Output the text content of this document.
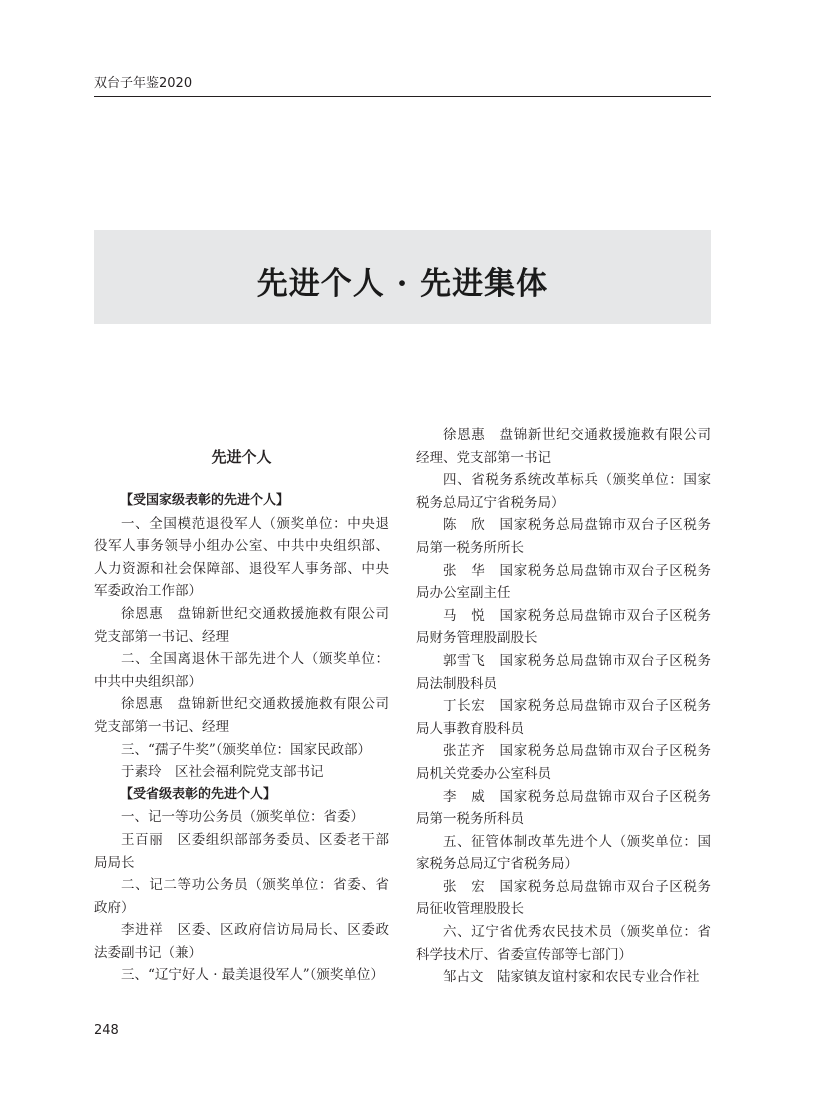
双台子年鉴2020
先进个人 · 先进集体
先进个人

【受国家级表彰的先进个人】

一、全国模范退役军人（颁奖单位：中央退役军人事务领导小组办公室、中共中央组织部、人力资源和社会保障部、退役军人事务部、中央军委政治工作部）

徐恩惠　盘锦新世纪交通救援施救有限公司党支部第一书记、经理

二、全国离退休干部先进个人（颁奖单位：中共中央组织部）

徐恩惠　盘锦新世纪交通救援施救有限公司党支部第一书记、经理

三、“孺子牛奖”（颁奖单位：国家民政部）

于素玲　区社会福利院党支部书记

【受省级表彰的先进个人】

一、记一等功公务员（颁奖单位：省委）

王百丽　区委组织部部务委员、区委老干部局局长

二、记二等功公务员（颁奖单位：省委、省政府）

李进祥　区委、区政府信访局局长、区委政法委副书记（兼）

三、“辽宁好人 · 最美退役军人”（颁奖单位）

徐恩惠　盘锦新世纪交通救援施救有限公司经理、党支部第一书记

四、省税务系统改革标兵（颁奖单位：国家税务总局辽宁省税务局）

陈　欣　国家税务总局盘锦市双台子区税务局第一税务所所长

张　华　国家税务总局盘锦市双台子区税务局办公室副主任

马　悦　国家税务总局盘锦市双台子区税务局财务管理股副股长

郭雪飞　国家税务总局盘锦市双台子区税务局法制股科员

丁长宏　国家税务总局盘锦市双台子区税务局人事教育股科员

张芷齐　国家税务总局盘锦市双台子区税务局机关党委办公室科员

李　威　国家税务总局盘锦市双台子区税务局第一税务所科员

五、征管体制改革先进个人（颁奖单位：国家税务总局辽宁省税务局）

张　宏　国家税务总局盘锦市双台子区税务局征收管理股股长

六、辽宁省优秀农民技术员（颁奖单位：省科学技术厅、省委宣传部等七部门）

邹占文　陆家镇友谊村家和农民专业合作社

248
